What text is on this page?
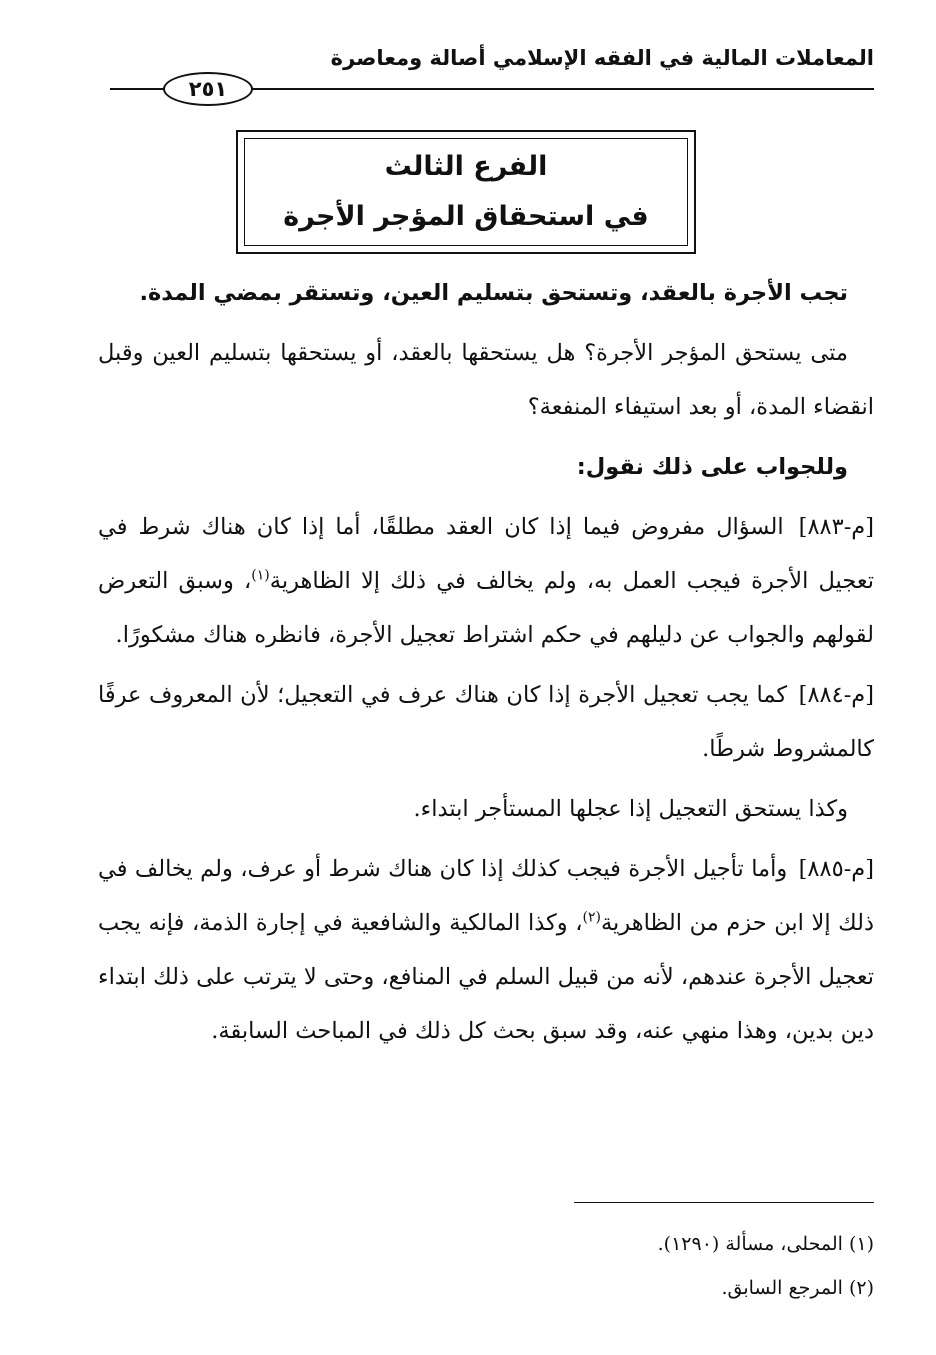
المعاملات المالية في الفقه الإسلامي أصالة ومعاصرة
٢٥١
الفرع الثالث
في استحقاق المؤجر الأجرة

تجب الأجرة بالعقد، وتستحق بتسليم العين، وتستقر بمضي المدة.

متى يستحق المؤجر الأجرة؟ هل يستحقها بالعقد، أو يستحقها بتسليم العين وقبل انقضاء المدة، أو بعد استيفاء المنفعة؟

وللجواب على ذلك نقول:

[م-٨٨٣] السؤال مفروض فيما إذا كان العقد مطلقًا، أما إذا كان هناك شرط في تعجيل الأجرة فيجب العمل به، ولم يخالف في ذلك إلا الظاهرية$^{(١)}$، وسبق التعرض لقولهم والجواب عن دليلهم في حكم اشتراط تعجيل الأجرة، فانظره هناك مشكورًا.

[م-٨٨٤] كما يجب تعجيل الأجرة إذا كان هناك عرف في التعجيل؛ لأن المعروف عرفًا كالمشروط شرطًا.

وكذا يستحق التعجيل إذا عجلها المستأجر ابتداء.

[م-٨٨٥] وأما تأجيل الأجرة فيجب كذلك إذا كان هناك شرط أو عرف، ولم يخالف في ذلك إلا ابن حزم من الظاهرية$^{(٢)}$، وكذا المالكية والشافعية في إجارة الذمة، فإنه يجب تعجيل الأجرة عندهم، لأنه من قبيل السلم في المنافع، وحتى لا يترتب على ذلك ابتداء دين بدين، وهذا منهي عنه، وقد سبق بحث كل ذلك في المباحث السابقة.

(١) المحلى، مسألة (١٢٩٠).

(٢) المرجع السابق.
